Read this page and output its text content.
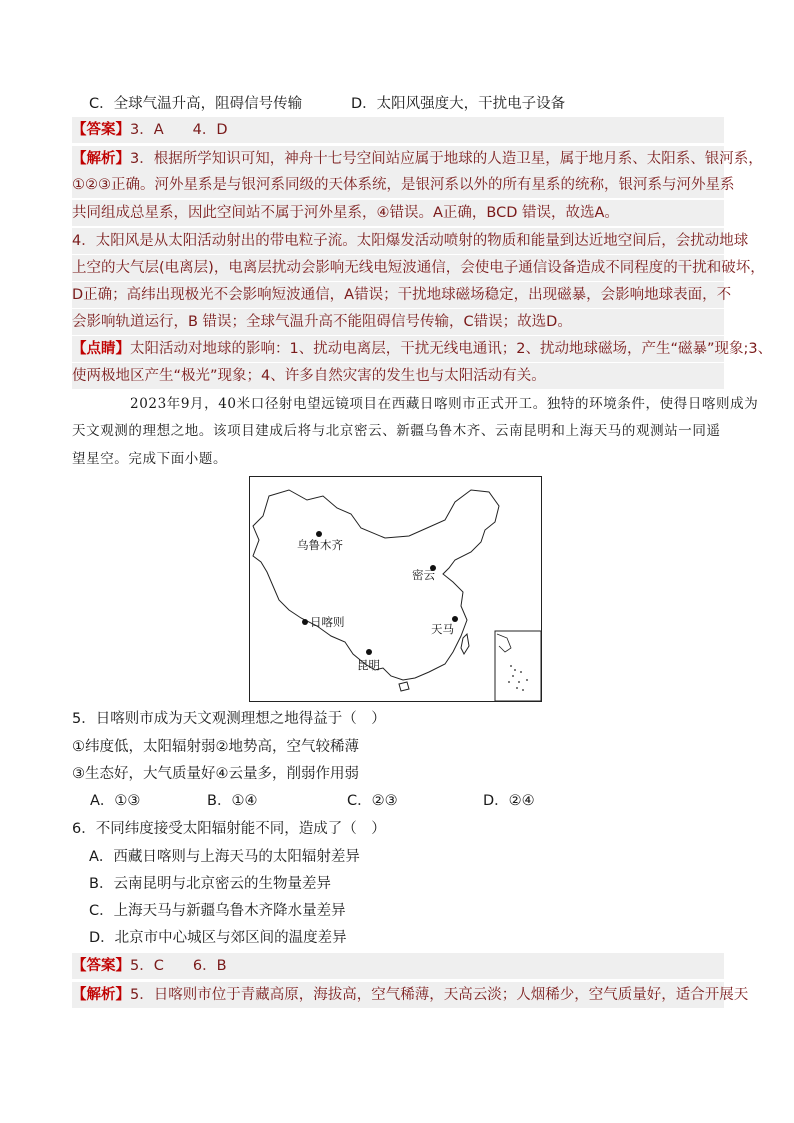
C．全球气温升高，阻碍信号传输	D．太阳风强度大，干扰电子设备
【答案】3．A　　4．D
【解析】3．根据所学知识可知，神舟十七号空间站应属于地球的人造卫星，属于地月系、太阳系、银河系，
①②③正确。河外星系是与银河系同级的天体系统，是银河系以外的所有星系的统称，银河系与河外星系
共同组成总星系，因此空间站不属于河外星系，④错误。A正确，BCD 错误，故选A。
4．太阳风是从太阳活动射出的带电粒子流。太阳爆发活动喷射的物质和能量到达近地空间后，会扰动地球
上空的大气层(电离层)，电离层扰动会影响无线电短波通信，会使电子通信设备造成不同程度的干扰和破坏，
D正确；高纬出现极光不会影响短波通信，A错误；干扰地球磁场稳定，出现磁暴，会影响地球表面，不
会影响轨道运行，B 错误；全球气温升高不能阻碍信号传输，C错误；故选D。
【点睛】太阳活动对地球的影响：1、扰动电离层，干扰无线电通讯；2、扰动地球磁场，产生“磁暴”现象;3、
使两极地区产生“极光”现象；4、许多自然灾害的发生也与太阳活动有关。
2023年9月，40米口径射电望远镜项目在西藏日喀则市正式开工。独特的环境条件，使得日喀则成为
天文观测的理想之地。该项目建成后将与北京密云、新疆乌鲁木齐、云南昆明和上海天马的观测站一同遥
望星空。完成下面小题。
乌鲁木齐
密云
日喀则	天马
昆明
5．日喀则市成为天文观测理想之地得益于（　）
①纬度低，太阳辐射弱②地势高，空气较稀薄
③生态好，大气质量好④云量多，削弱作用弱
A．①③	B．①④	C．②③	D．②④
6．不同纬度接受太阳辐射能不同，造成了（　）
A．西藏日喀则与上海天马的太阳辐射差异
B．云南昆明与北京密云的生物量差异
C．上海天马与新疆乌鲁木齐降水量差异
D．北京市中心城区与郊区间的温度差异
【答案】5．C　　6．B
【解析】5．日喀则市位于青藏高原，海拔高，空气稀薄，天高云淡；人烟稀少，空气质量好，适合开展天
